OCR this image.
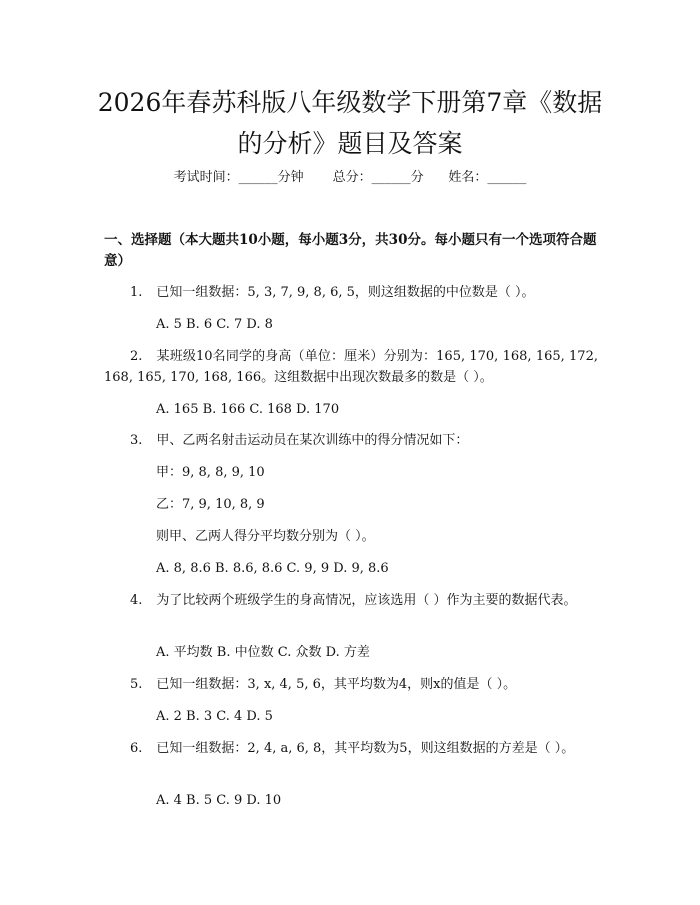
2026年春苏科版八年级数学下册第7章《数据的分析》题目及答案
考试时间：______分钟 总分：______分 姓名：______
一、选择题（本大题共10小题，每小题3分，共30分。每小题只有一个选项符合题意）
1. 已知一组数据：5, 3, 7, 9, 8, 6, 5，则这组数据的中位数是（ ）。
A. 5 B. 6 C. 7 D. 8
2. 某班级10名同学的身高（单位：厘米）分别为：165, 170, 168, 165, 172, 168, 165, 170, 168, 166。这组数据中出现次数最多的数是（ ）。
A. 165 B. 166 C. 168 D. 170
3. 甲、乙两名射击运动员在某次训练中的得分情况如下：
甲：9, 8, 8, 9, 10
乙：7, 9, 10, 8, 9
则甲、乙两人得分平均数分别为（ ）。
A. 8, 8.6 B. 8.6, 8.6 C. 9, 9 D. 9, 8.6
4. 为了比较两个班级学生的身高情况，应该选用（ ）作为主要的数据代表。
A. 平均数 B. 中位数 C. 众数 D. 方差
5. 已知一组数据：3, x, 4, 5, 6，其平均数为4，则x的值是（ ）。
A. 2 B. 3 C. 4 D. 5
6. 已知一组数据：2, 4, a, 6, 8，其平均数为5，则这组数据的方差是（ ）。
A. 4 B. 5 C. 9 D. 10
